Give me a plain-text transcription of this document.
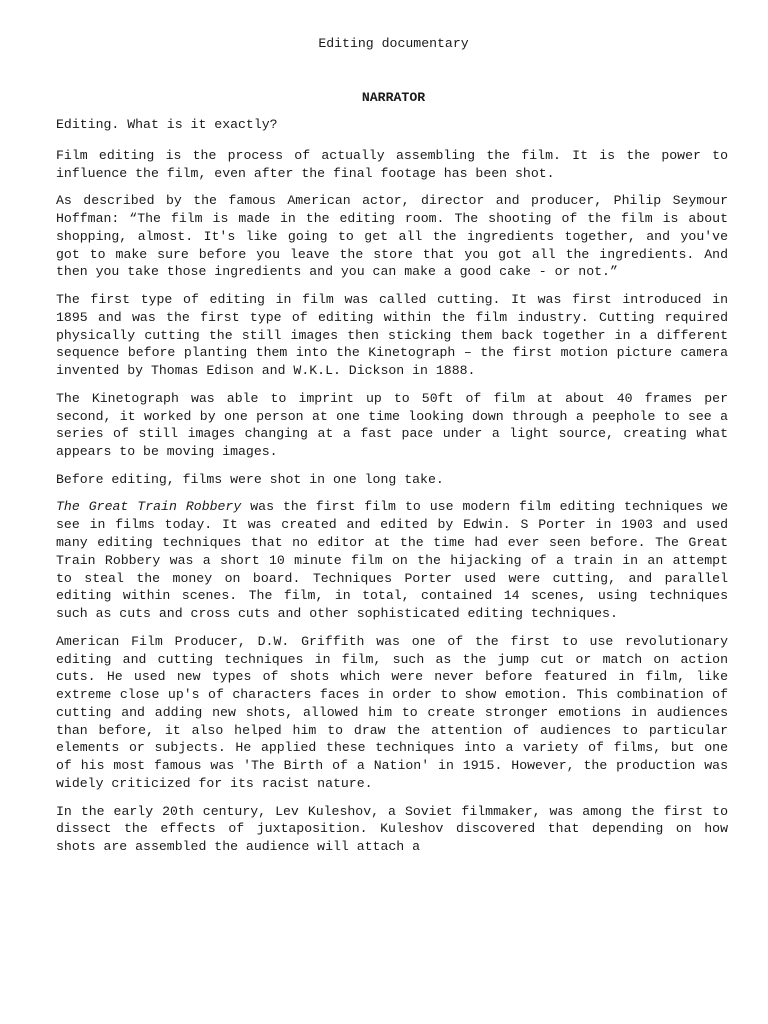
Editing documentary
NARRATOR

Editing. What is it exactly?

Film editing is the process of actually assembling the film. It is the power to influence the film, even after the final footage has been shot.

As described by the famous American actor, director and producer, Philip Seymour Hoffman: “The film is made in the editing room. The shooting of the film is about shopping, almost. It's like going to get all the ingredients together, and you've got to make sure before you leave the store that you got all the ingredients. And then you take those ingredients and you can make a good cake - or not.”

The first type of editing in film was called cutting. It was first introduced in 1895 and was the first type of editing within the film industry. Cutting required physically cutting the still images then sticking them back together in a different sequence before planting them into the Kinetograph – the first motion picture camera invented by Thomas Edison and W.K.L. Dickson in 1888.

The Kinetograph was able to imprint up to 50ft of film at about 40 frames per second, it worked by one person at one time looking down through a peephole to see a series of still images changing at a fast pace under a light source, creating what appears to be moving images.

Before editing, films were shot in one long take.

The Great Train Robbery was the first film to use modern film editing techniques we see in films today. It was created and edited by Edwin. S Porter in 1903 and used many editing techniques that no editor at the time had ever seen before. The Great Train Robbery was a short 10 minute film on the hijacking of a train in an attempt to steal the money on board. Techniques Porter used were cutting, and parallel editing within scenes. The film, in total, contained 14 scenes, using techniques such as cuts and cross cuts and other sophisticated editing techniques.

American Film Producer, D.W. Griffith was one of the first to use revolutionary editing and cutting techniques in film, such as the jump cut or match on action cuts. He used new types of shots which were never before featured in film, like extreme close up's of characters faces in order to show emotion. This combination of cutting and adding new shots, allowed him to create stronger emotions in audiences than before, it also helped him to draw the attention of audiences to particular elements or subjects. He applied these techniques into a variety of films, but one of his most famous was 'The Birth of a Nation' in 1915. However, the production was widely criticized for its racist nature.

In the early 20th century, Lev Kuleshov, a Soviet filmmaker, was among the first to dissect the effects of juxtaposition. Kuleshov discovered that depending on how shots are assembled the audience will attach a
